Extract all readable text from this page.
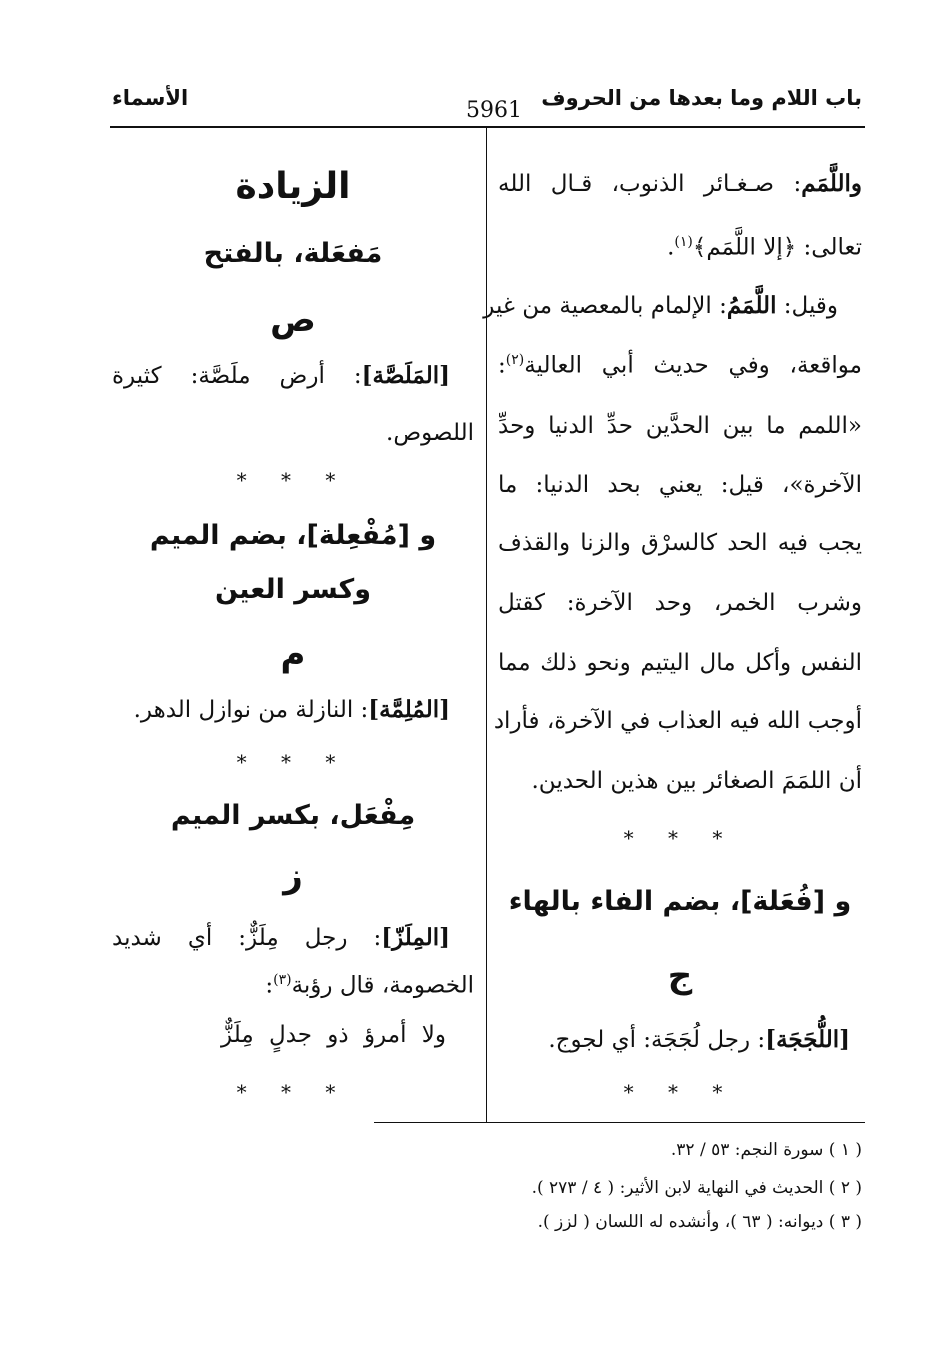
باب اللام وما بعدها من الحروف
5961
الأسماء
واللَّمَم: صـغـائر الذنوب، قـال الله
تعالى: ﴿إلا اللَّمَم﴾$^{(١)}$.
وقيل: اللَّمَمُ: الإلمام بالمعصية من غير
مواقعة، وفي حديث أبي العالية$^{(٢)}$:
«اللمم ما بين الحدَّين حدِّ الدنيا وحدِّ
الآخرة»، قيل: يعني بحد الدنيا: ما
يجب فيه الحد كالسرْق والزنا والقذف
وشرب الخمر، وحد الآخرة: كقتل
النفس وأكل مال اليتيم ونحو ذلك مما
أوجب الله فيه العذاب في الآخرة، فأراد
أن اللمَمَ الصغائر بين هذين الحدين.
* * *
و [فُعَلة]، بضم الفاء بالهاء
ج
[اللُّجَجَة]: رجل لُجَجَة: أي لجوج.
* * *
الزيادة
مَفعَلة، بالفتح
ص
[المَلَصَّة]: أرض ملَصَّة: كثيرة
اللصوص.
* * *
و [مُفْعِلة]، بضم الميم
وكسر العين
م
[المُلِمَّة]: النازلة من نوازل الدهر.
* * *
مِفْعَل، بكسر الميم
ز
[المِلَزّ]: رجل مِلَزٌّ: أي شديد
الخصومة، قال رؤبة$^{(٣)}$:
ولا أمرؤ ذو جدلٍ مِلَزٌّ
* * *
( ١ ) سورة النجم: ٥٣ / ٣٢.
( ٢ ) الحديث في النهاية لابن الأثير: ( ٤ / ٢٧٣ ).
( ٣ ) ديوانه: ( ٦٣ )، وأنشده له اللسان ( لزز ).
